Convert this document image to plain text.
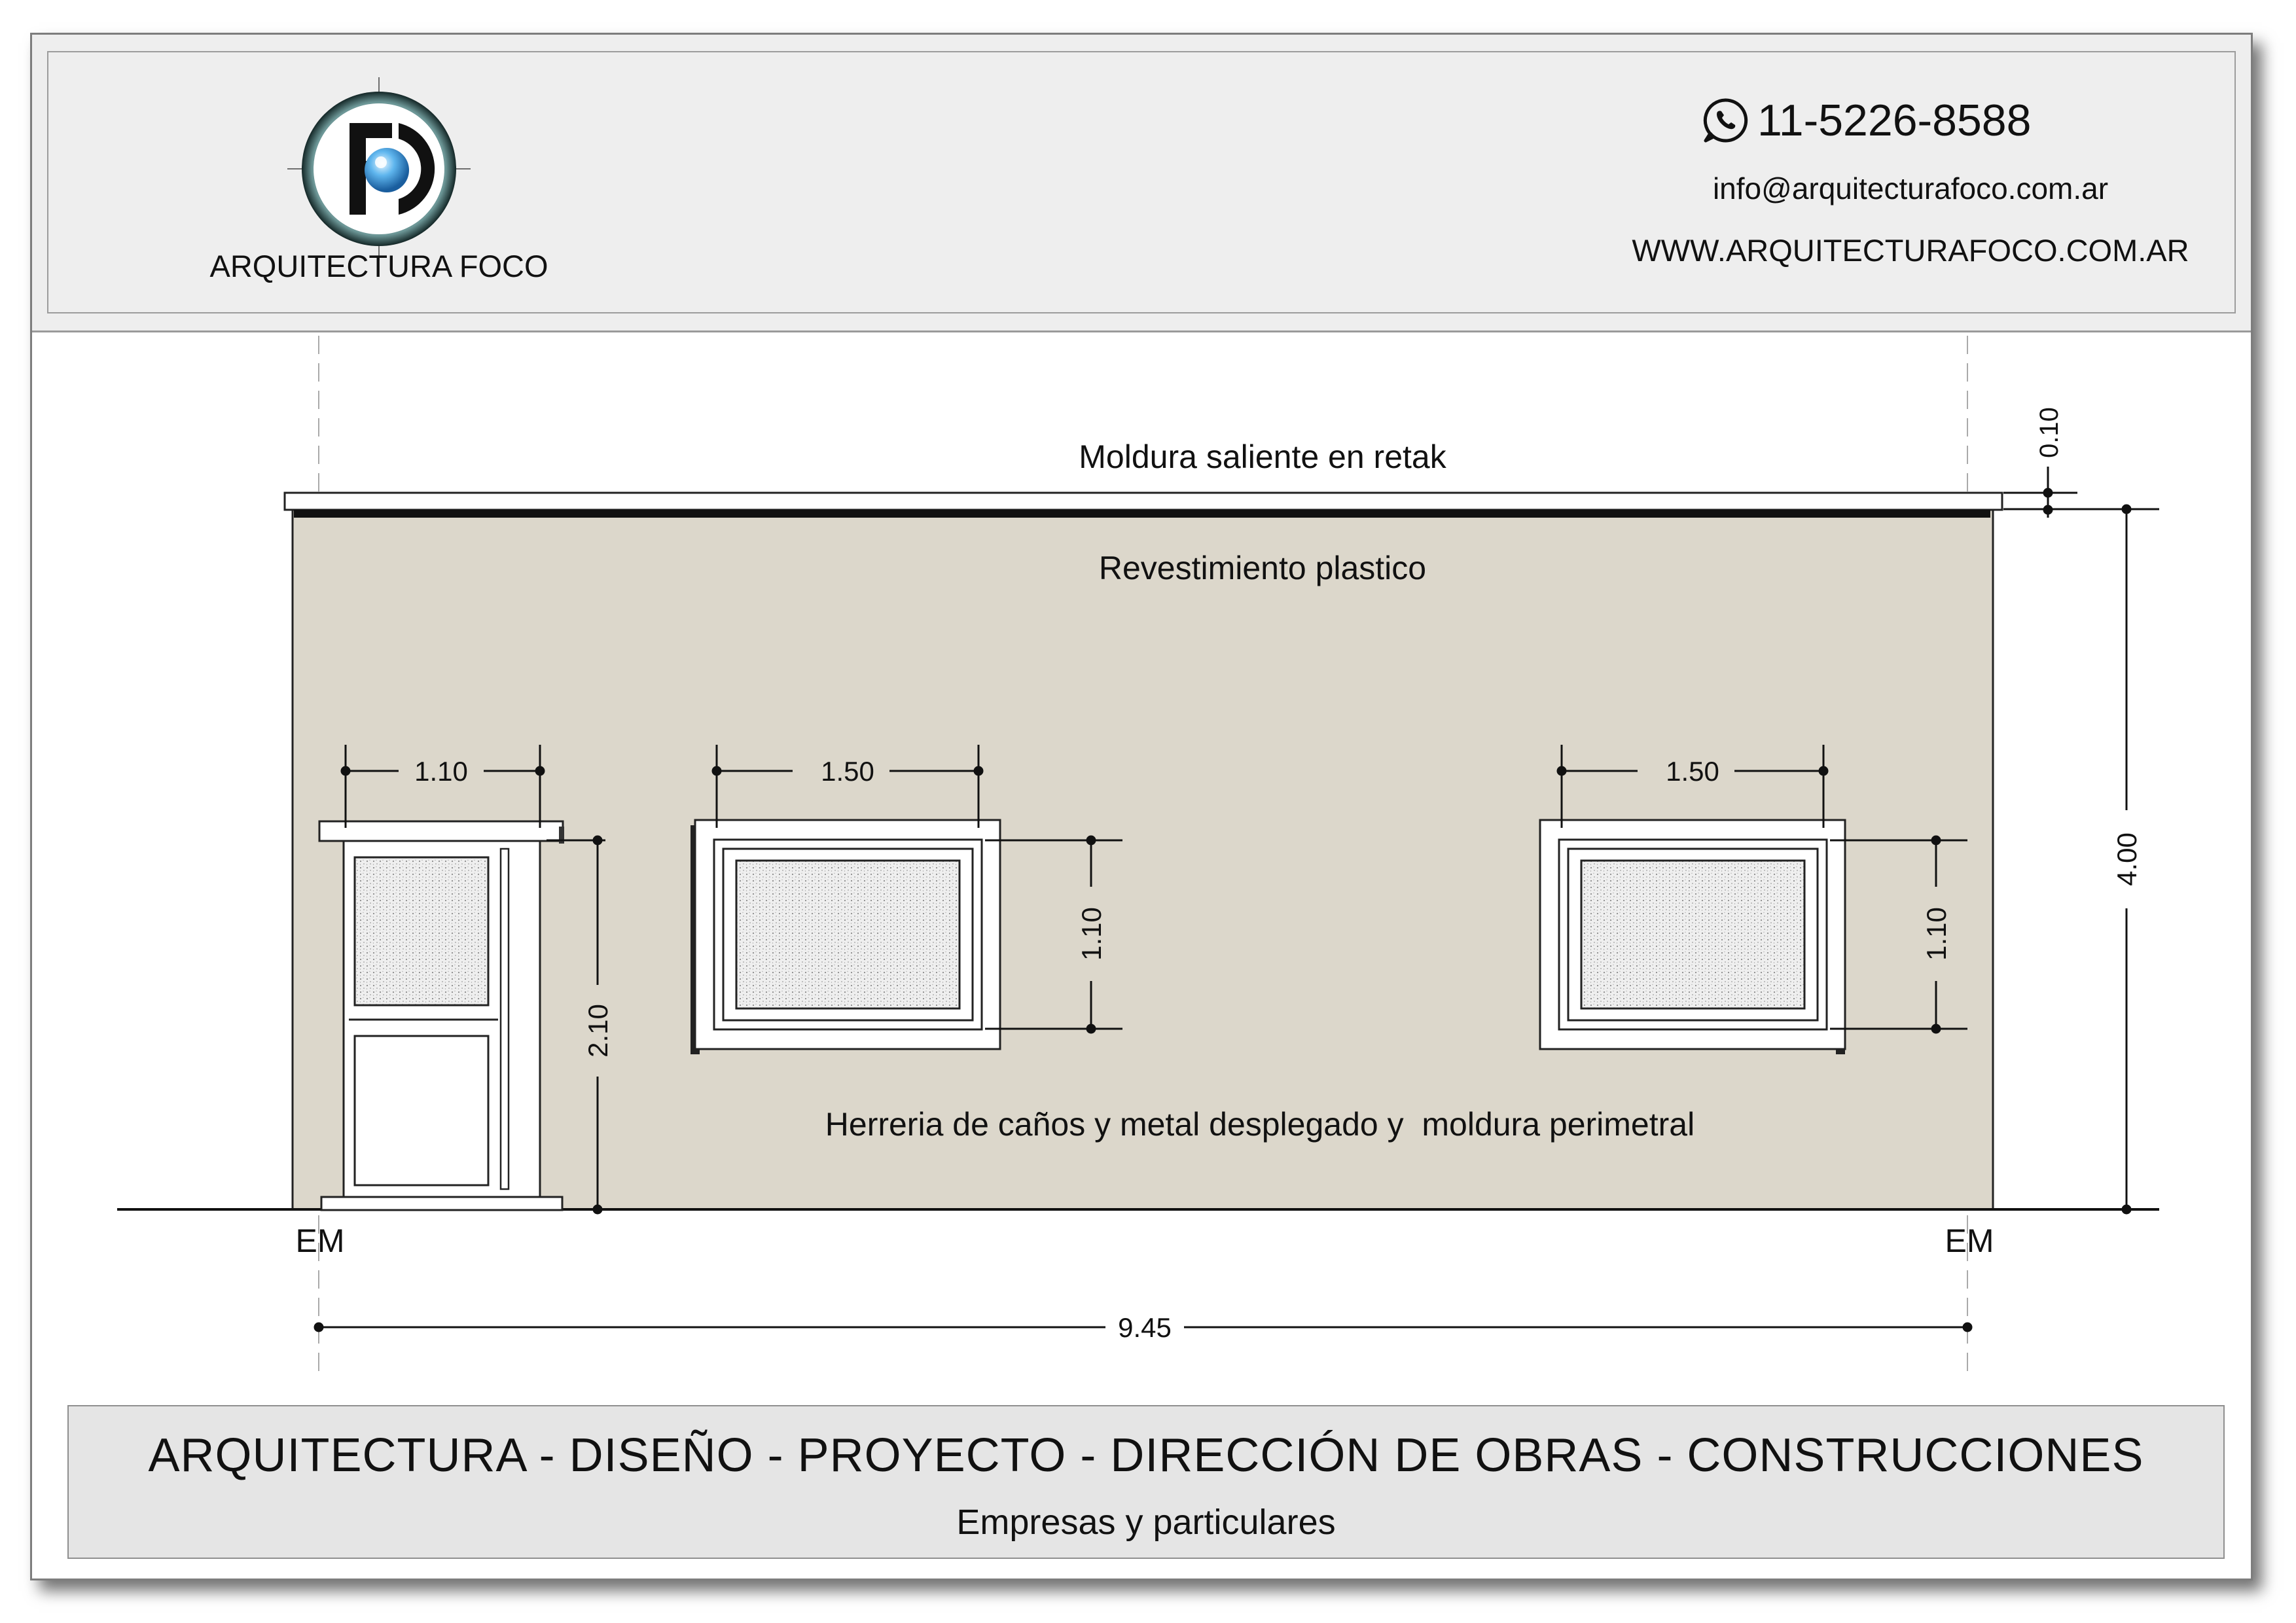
ARQUITECTURA FOCO
11-5226-8588
info@arquitecturafoco.com.ar
WWW.ARQUITECTURAFOCO.COM.AR
1.10	1.50	1.50
2.10
1.10	1.10
0.10
4.00
9.45
Moldura saliente en retak
Revestimiento plastico
Herreria de caños y metal desplegado y  moldura perimetral
EM	EM
ARQUITECTURA - DISEÑO - PROYECTO - DIRECCIÓN DE OBRAS - CONSTRUCCIONES
Empresas y particulares
